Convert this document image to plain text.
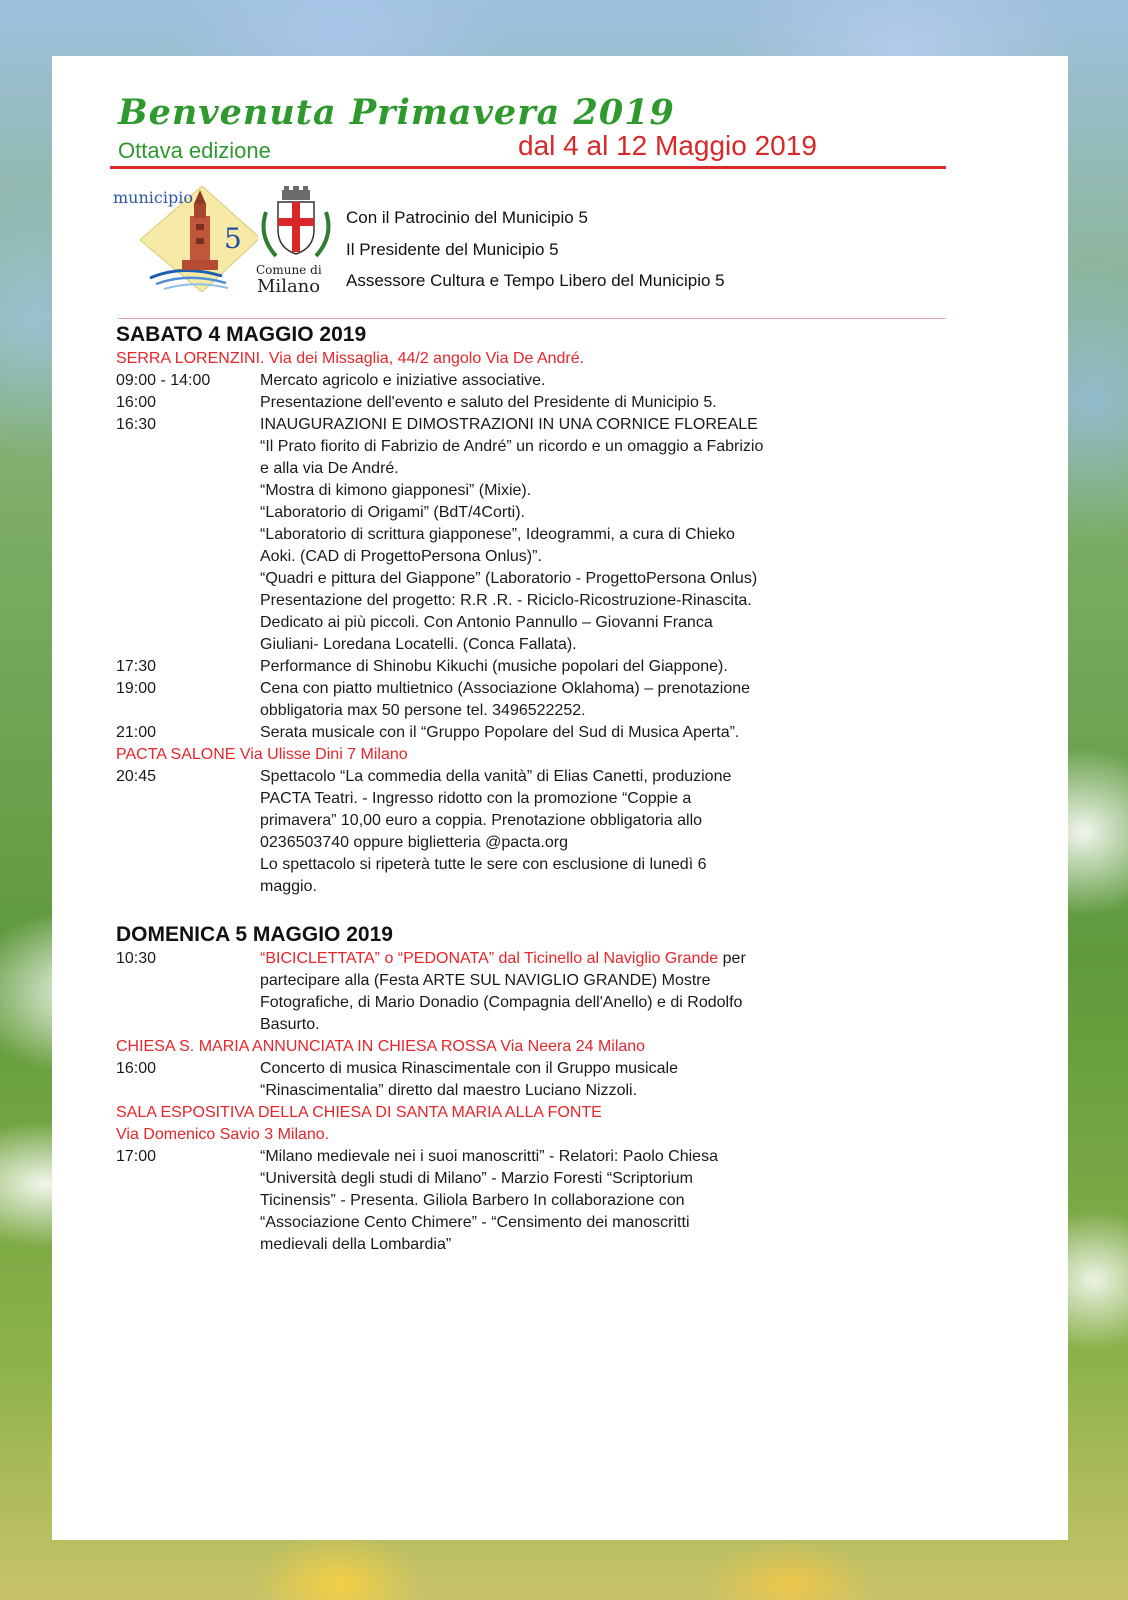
Benvenuta Primavera 2019
Ottava edizione	dal 4 al 12 Maggio 2019
municipio
5
Comune di
Milano
Con il Patrocinio del Municipio 5
Il Presidente del Municipio 5
Assessore Cultura e Tempo Libero del Municipio 5
SABATO 4 MAGGIO 2019
SERRA LORENZINI. Via dei Missaglia, 44/2 angolo Via De André.
09:00 - 14:00	Mercato agricolo e iniziative associative.
16:00	Presentazione dell'evento e saluto del Presidente di Municipio 5.
16:30	INAUGURAZIONI E DIMOSTRAZIONI IN UNA CORNICE FLOREALE
“Il Prato fiorito di Fabrizio de André” un ricordo e un omaggio a Fabrizio
e alla via De André.
“Mostra di kimono giapponesi” (Mixie).
“Laboratorio di Origami” (BdT/4Corti).
“Laboratorio di scrittura giapponese”, Ideogrammi, a cura di Chieko
Aoki. (CAD di ProgettoPersona Onlus)”.
“Quadri e pittura del Giappone” (Laboratorio - ProgettoPersona Onlus)
Presentazione del progetto: R.R .R. - Riciclo-Ricostruzione-Rinascita.
Dedicato ai più piccoli. Con Antonio Pannullo – Giovanni Franca
Giuliani- Loredana Locatelli. (Conca Fallata).
17:30	Performance di Shinobu Kikuchi (musiche popolari del Giappone).
19:00	Cena con piatto multietnico (Associazione Oklahoma) – prenotazione
obbligatoria max 50 persone tel. 3496522252.
21:00	Serata musicale con il “Gruppo Popolare del Sud di Musica Aperta”.
PACTA SALONE Via Ulisse Dini 7 Milano
20:45	Spettacolo “La commedia della vanità” di Elias Canetti, produzione
PACTA Teatri. - Ingresso ridotto con la promozione “Coppie a
primavera” 10,00 euro a coppia. Prenotazione obbligatoria allo
0236503740 oppure biglietteria @pacta.org
Lo spettacolo si ripeterà tutte le sere con esclusione di lunedì 6
maggio.
DOMENICA 5 MAGGIO 2019
10:30	“BICICLETTATA” o “PEDONATA” dal Ticinello al Naviglio Grande per
partecipare alla (Festa ARTE SUL NAVIGLIO GRANDE) Mostre
Fotografiche, di Mario Donadio (Compagnia dell'Anello) e di Rodolfo
Basurto.
CHIESA S. MARIA ANNUNCIATA IN CHIESA ROSSA Via Neera 24 Milano
16:00	Concerto di musica Rinascimentale con il Gruppo musicale
“Rinascimentalia” diretto dal maestro Luciano Nizzoli.
SALA ESPOSITIVA DELLA CHIESA DI SANTA MARIA ALLA FONTE
Via Domenico Savio 3 Milano.
17:00	“Milano medievale nei i suoi manoscritti” - Relatori: Paolo Chiesa
“Università degli studi di Milano” - Marzio Foresti “Scriptorium
Ticinensis” - Presenta. Giliola Barbero In collaborazione con
“Associazione Cento Chimere” - “Censimento dei manoscritti
medievali della Lombardia”
